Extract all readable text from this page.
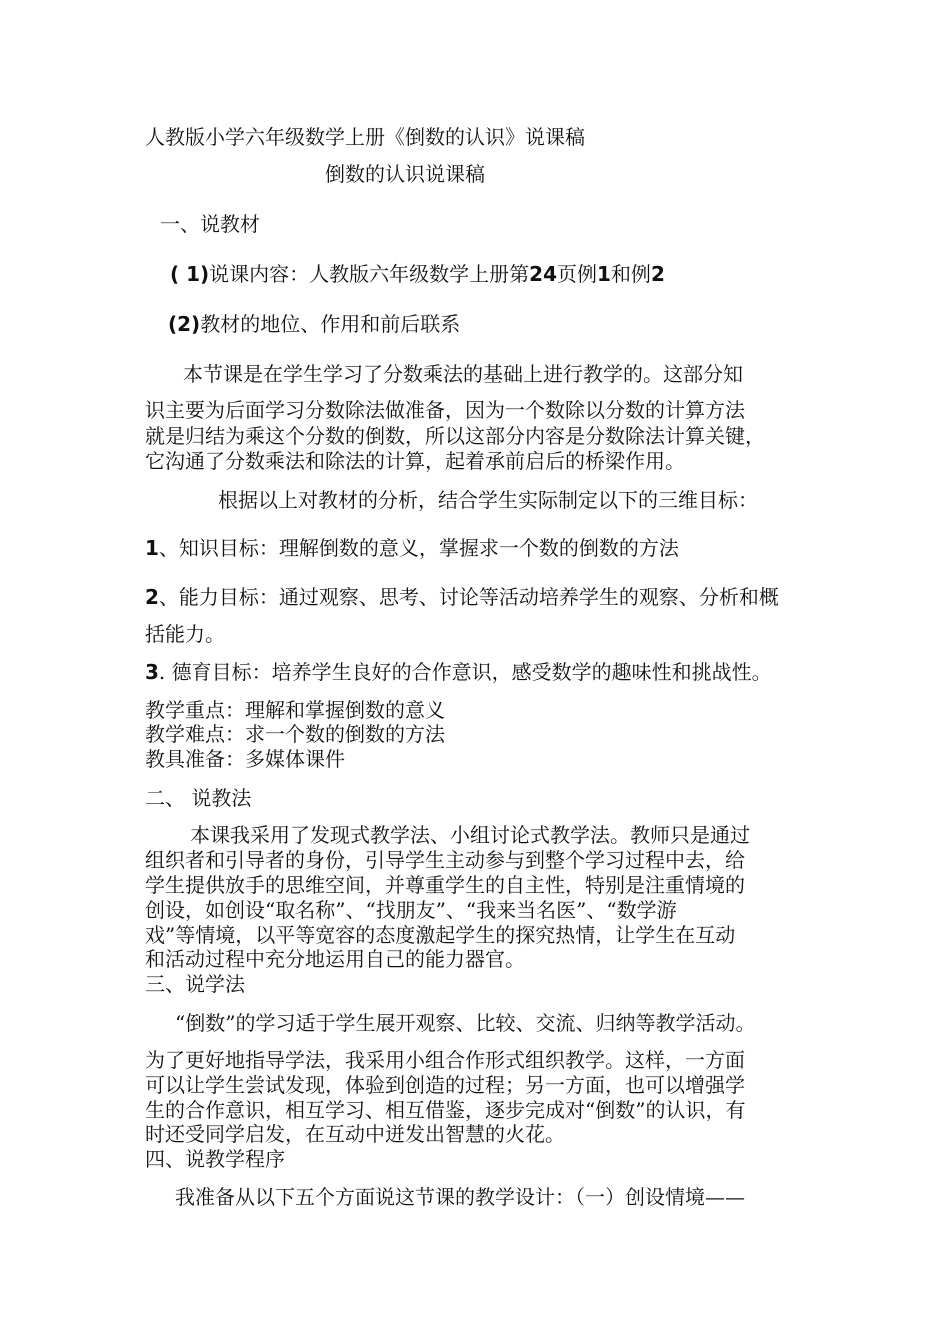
人教版小学六年级数学上册《倒数的认识》说课稿
倒数的认识说课稿
一、说教材
( 1)说课内容：人教版六年级数学上册第24页例1和例2
(2)教材的地位、作用和前后联系
本节课是在学生学习了分数乘法的基础上进行教学的。这部分知
识主要为后面学习分数除法做准备，因为一个数除以分数的计算方法
就是归结为乘这个分数的倒数，所以这部分内容是分数除法计算关键，
它沟通了分数乘法和除法的计算，起着承前启后的桥梁作用。
根据以上对教材的分析，结合学生实际制定以下的三维目标：
1、知识目标：理解倒数的意义，掌握求一个数的倒数的方法
2、能力目标：通过观察、思考、讨论等活动培养学生的观察、分析和概
括能力。
3. 德育目标：培养学生良好的合作意识，感受数学的趣味性和挑战性。
教学重点：理解和掌握倒数的意义
教学难点：求一个数的倒数的方法
教具准备：多媒体课件
二、 说教法
本课我采用了发现式教学法、小组讨论式教学法。教师只是通过
组织者和引导者的身份，引导学生主动参与到整个学习过程中去，给
学生提供放手的思维空间，并尊重学生的自主性，特别是注重情境的
创设，如创设“取名称”、“找朋友”、“我来当名医”、“数学游
戏”等情境，以平等宽容的态度激起学生的探究热情，让学生在互动
和活动过程中充分地运用自己的能力器官。
三、说学法
“倒数”的学习适于学生展开观察、比较、交流、归纳等教学活动。
为了更好地指导学法，我采用小组合作形式组织教学。这样，一方面
可以让学生尝试发现，体验到创造的过程；另一方面，也可以增强学
生的合作意识，相互学习、相互借鉴，逐步完成对“倒数”的认识，有
时还受同学启发，在互动中迸发出智慧的火花。
四、说教学程序
我准备从以下五个方面说这节课的教学设计：（一）创设情境——
